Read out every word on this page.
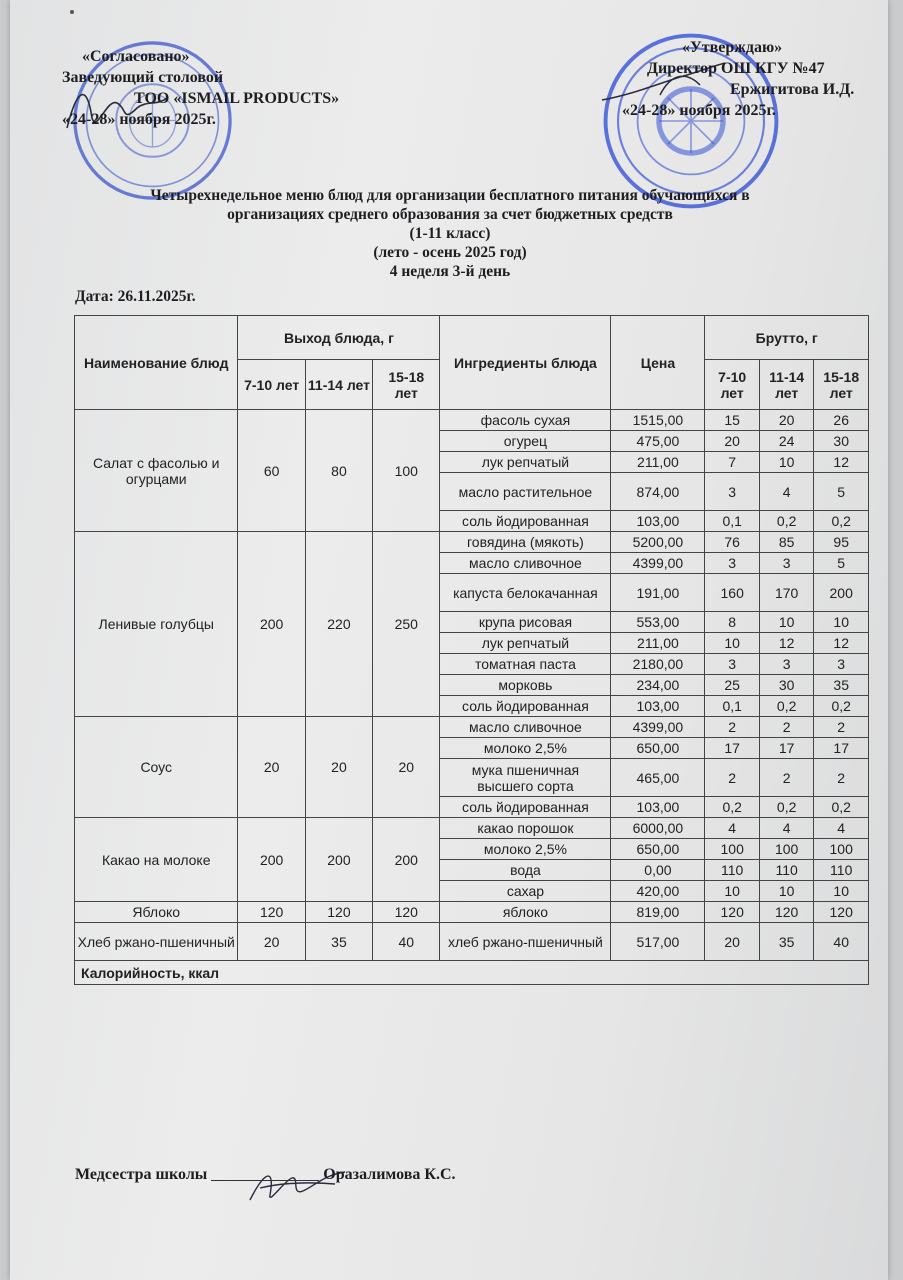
«Согласовано»
Заведующий столовой
ТОО «ISMAIL PRODUCTS»
«24-28» ноября 2025г.
«Утверждаю»
Директор ОШ КГУ №47
Ержигитова И.Д.
«24-28» ноября 2025г.
Четырехнедельное меню блюд для организации бесплатного питания обучающихся в
организациях среднего образования за счет бюджетных средств
(1-11 класс)
(лето - осень 2025 год)
4 неделя 3-й день
Дата: 26.11.2025г.
Наименование блюд	Выход блюда, г			Ингредиенты блюда	Цена	Брутто, г		
	7-10 лет	11-14 лет	15-18 лет			7-10 лет	11-14 лет	15-18 лет
Салат с фасолью и огурцами	60	80	100	фасоль сухая	1515,00	15	20	26
				огурец	475,00	20	24	30
				лук репчатый	211,00	7	10	12
				масло растительное	874,00	3	4	5
				соль йодированная	103,00	0,1	0,2	0,2
Ленивые голубцы	200	220	250	говядина (мякоть)	5200,00	76	85	95
				масло сливочное	4399,00	3	3	5
				капуста белокачанная	191,00	160	170	200
				крупа рисовая	553,00	8	10	10
				лук репчатый	211,00	10	12	12
				томатная паста	2180,00	3	3	3
				морковь	234,00	25	30	35
				соль йодированная	103,00	0,1	0,2	0,2
Соус	20	20	20	масло сливочное	4399,00	2	2	2
				молоко 2,5%	650,00	17	17	17
				мука пшеничная высшего сорта	465,00	2	2	2
				соль йодированная	103,00	0,2	0,2	0,2
Какао на молоке	200	200	200	какао порошок	6000,00	4	4	4
				молоко 2,5%	650,00	100	100	100
				вода	0,00	110	110	110
				сахар	420,00	10	10	10
Яблоко	120	120	120	яблоко	819,00	120	120	120
Хлеб ржано-пшеничный	20	35	40	хлеб ржано-пшеничный	517,00	20	35	40
Калорийность, ккал								
Медсестра школы	Оразалимова К.С.
